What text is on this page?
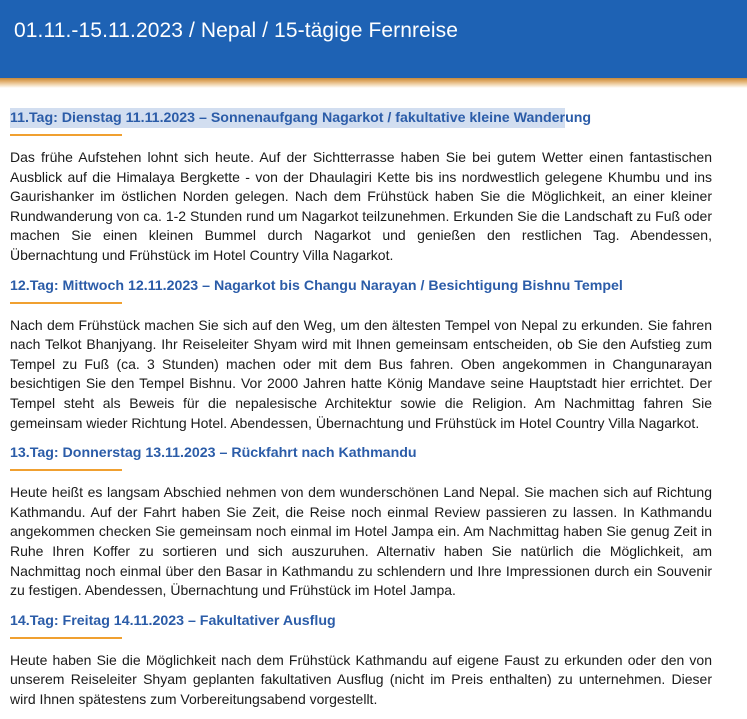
01.11.-15.11.2023 / Nepal / 15-tägige Fernreise
11.Tag: Dienstag 11.11.2023 – Sonnenaufgang Nagarkot / fakultative kleine Wanderung

Das frühe Aufstehen lohnt sich heute. Auf der Sichtterrasse haben Sie bei gutem Wetter einen fantastischen Ausblick auf die Himalaya Bergkette - von der Dhaulagiri Kette bis ins nordwestlich gelegene Khumbu und ins Gaurishanker im östlichen Norden gelegen. Nach dem Frühstück haben Sie die Möglichkeit, an einer kleiner Rundwanderung von ca. 1-2 Stunden rund um Nagarkot teilzunehmen. Erkunden Sie die Landschaft zu Fuß oder machen Sie einen kleinen Bummel durch Nagarkot und genießen den restlichen Tag. Abendessen, Übernachtung und Frühstück im Hotel Country Villa Nagarkot.

12.Tag: Mittwoch 12.11.2023 – Nagarkot bis Changu Narayan / Besichtigung Bishnu Tempel

Nach dem Frühstück machen Sie sich auf den Weg, um den ältesten Tempel von Nepal zu erkunden. Sie fahren nach Telkot Bhanjyang. Ihr Reiseleiter Shyam wird mit Ihnen gemeinsam entscheiden, ob Sie den Aufstieg zum Tempel zu Fuß (ca. 3 Stunden) machen oder mit dem Bus fahren. Oben angekommen in Changunarayan besichtigen Sie den Tempel Bishnu. Vor 2000 Jahren hatte König Mandave seine Hauptstadt hier errichtet. Der Tempel steht als Beweis für die nepalesische Architektur sowie die Religion. Am Nachmittag fahren Sie gemeinsam wieder Richtung Hotel. Abendessen, Übernachtung und Frühstück im Hotel Country Villa Nagarkot.

13.Tag: Donnerstag 13.11.2023 – Rückfahrt nach Kathmandu

Heute heißt es langsam Abschied nehmen von dem wunderschönen Land Nepal. Sie machen sich auf Richtung Kathmandu. Auf der Fahrt haben Sie Zeit, die Reise noch einmal Review passieren zu lassen. In Kathmandu angekommen checken Sie gemeinsam noch einmal im Hotel Jampa ein. Am Nachmittag haben Sie genug Zeit in Ruhe Ihren Koffer zu sortieren und sich auszuruhen. Alternativ haben Sie natürlich die Möglichkeit, am Nachmittag noch einmal über den Basar in Kathmandu zu schlendern und Ihre Impressionen durch ein Souvenir zu festigen. Abendessen, Übernachtung und Frühstück im Hotel Jampa.

14.Tag: Freitag 14.11.2023 – Fakultativer Ausflug

Heute haben Sie die Möglichkeit nach dem Frühstück Kathmandu auf eigene Faust zu erkunden oder den von unserem Reiseleiter Shyam geplanten fakultativen Ausflug (nicht im Preis enthalten) zu unternehmen. Dieser wird Ihnen spätestens zum Vorbereitungsabend vorgestellt.
